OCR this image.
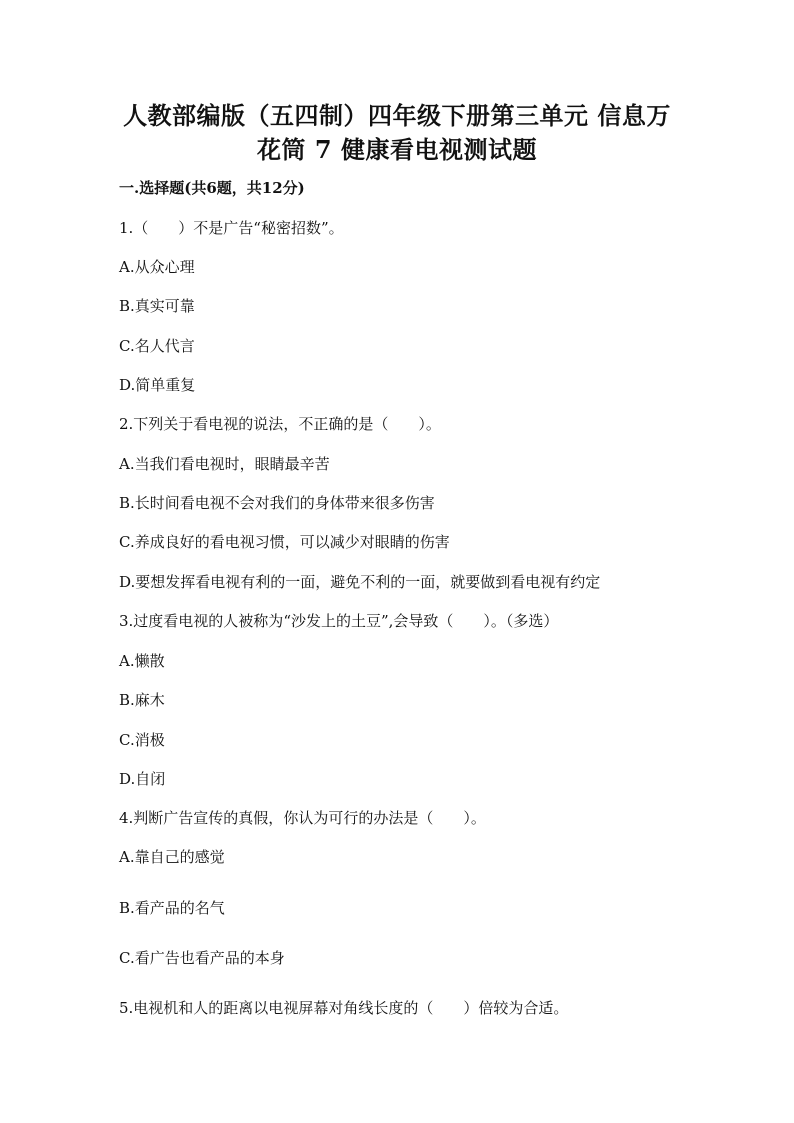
人教部编版（五四制）四年级下册第三单元 信息万
花筒 7 健康看电视测试题
一.选择题(共6题，共12分)
1.（　　）不是广告“秘密招数”。
A.从众心理
B.真实可靠
C.名人代言
D.简单重复
2.下列关于看电视的说法，不正确的是（　　）。
A.当我们看电视时，眼睛最辛苦
B.长时间看电视不会对我们的身体带来很多伤害
C.养成良好的看电视习惯，可以减少对眼睛的伤害
D.要想发挥看电视有利的一面，避免不利的一面，就要做到看电视有约定
3.过度看电视的人被称为“沙发上的土豆”,会导致（　　）。（多选）
A.懒散
B.麻木
C.消极
D.自闭
4.判断广告宣传的真假，你认为可行的办法是（　　）。
A.靠自己的感觉
B.看产品的名气
C.看广告也看产品的本身
5.电视机和人的距离以电视屏幕对角线长度的（　　）倍较为合适。
